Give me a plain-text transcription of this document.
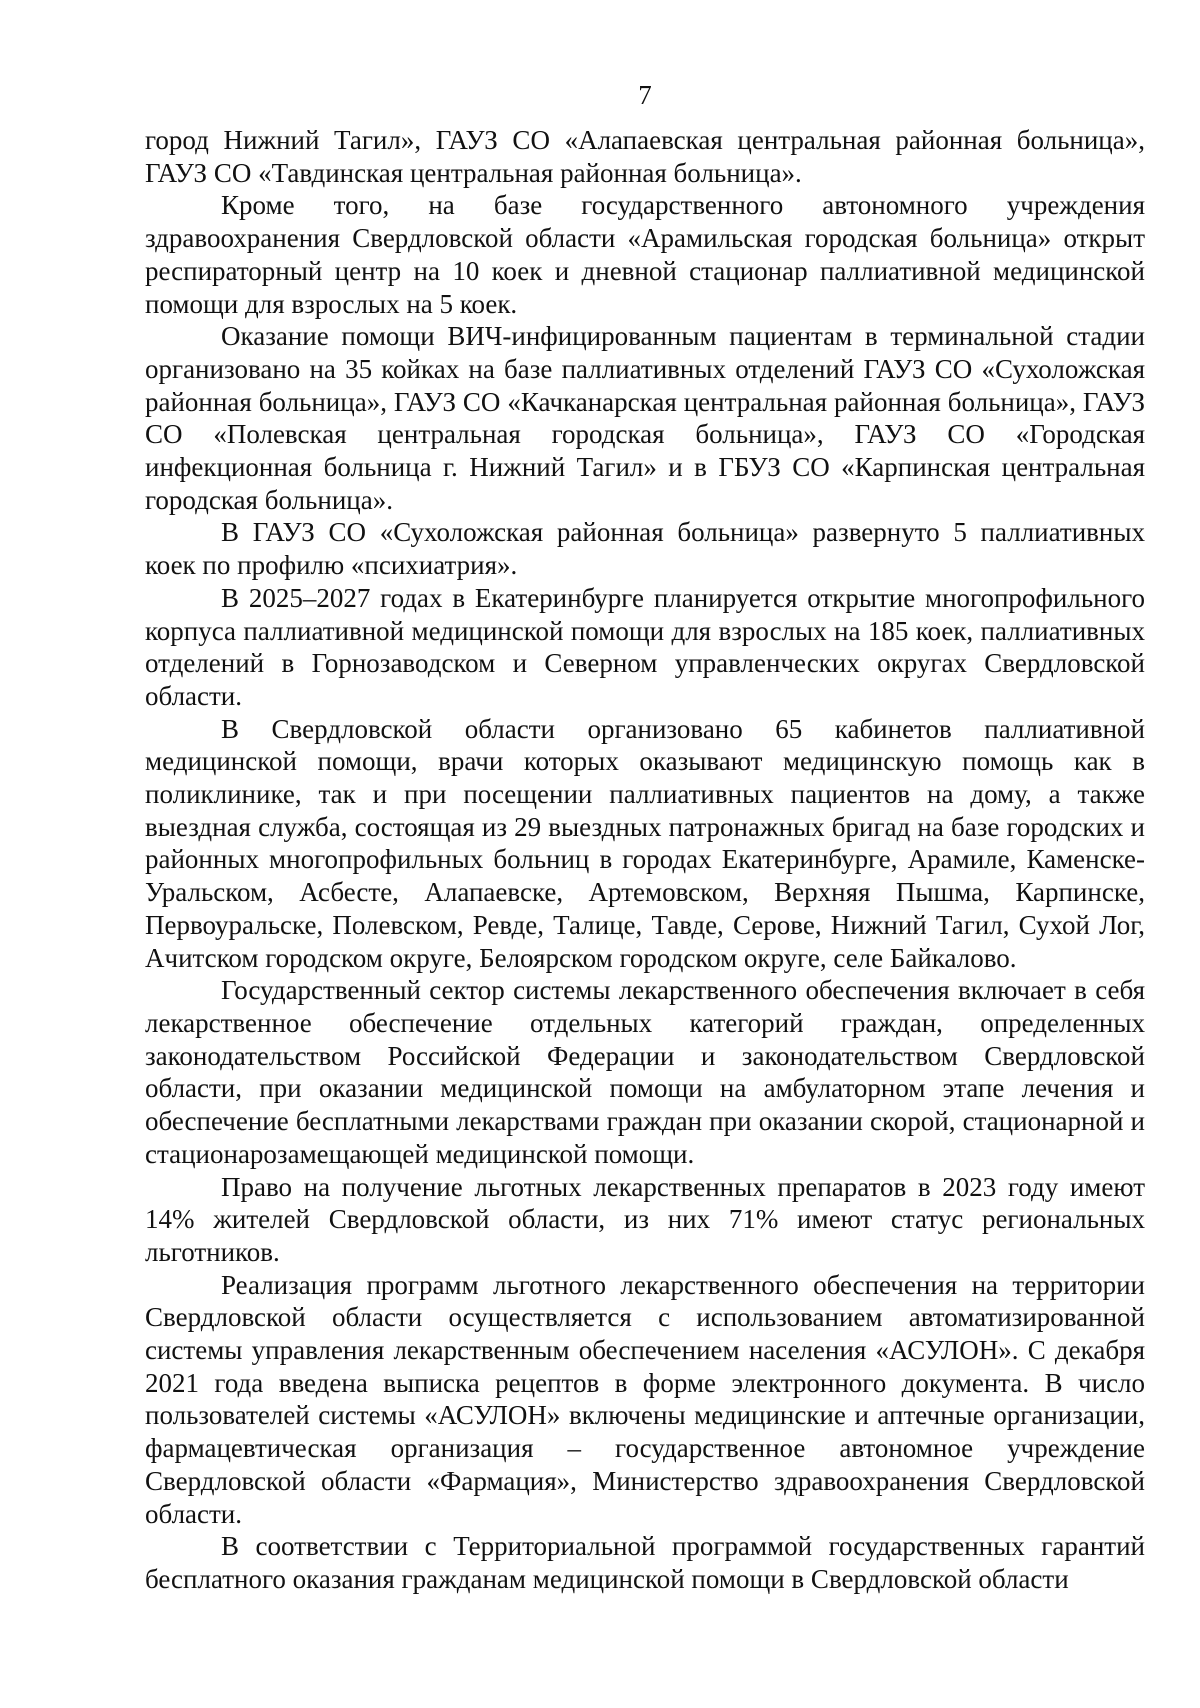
7

город Нижний Тагил», ГАУЗ СО «Алапаевская центральная районная больница», ГАУЗ СО «Тавдинская центральная районная больница».

Кроме того, на базе государственного автономного учреждения здравоохранения Свердловской области «Арамильская городская больница» открыт респираторный центр на 10 коек и дневной стационар паллиативной медицинской помощи для взрослых на 5 коек.

Оказание помощи ВИЧ-инфицированным пациентам в терминальной стадии организовано на 35 койках на базе паллиативных отделений ГАУЗ СО «Сухоложская районная больница», ГАУЗ СО «Качканарская центральная районная больница», ГАУЗ СО «Полевская центральная городская больница», ГАУЗ СО «Городская инфекционная больница г. Нижний Тагил» и в ГБУЗ СО «Карпинская центральная городская больница».

В ГАУЗ СО «Сухоложская районная больница» развернуто 5 паллиативных коек по профилю «психиатрия».

В 2025–2027 годах в Екатеринбурге планируется открытие многопрофильного корпуса паллиативной медицинской помощи для взрослых на 185 коек, паллиативных отделений в Горнозаводском и Северном управленческих округах Свердловской области.

В Свердловской области организовано 65 кабинетов паллиативной медицинской помощи, врачи которых оказывают медицинскую помощь как в поликлинике, так и при посещении паллиативных пациентов на дому, а также выездная служба, состоящая из 29 выездных патронажных бригад на базе городских и районных многопрофильных больниц в городах Екатеринбурге, Арамиле, Каменске-Уральском, Асбесте, Алапаевске, Артемовском, Верхняя Пышма, Карпинске, Первоуральске, Полевском, Ревде, Талице, Тавде, Серове, Нижний Тагил, Сухой Лог, Ачитском городском округе, Белоярском городском округе, селе Байкалово.

Государственный сектор системы лекарственного обеспечения включает в себя лекарственное обеспечение отдельных категорий граждан, определенных законодательством Российской Федерации и законодательством Свердловской области, при оказании медицинской помощи на амбулаторном этапе лечения и обеспечение бесплатными лекарствами граждан при оказании скорой, стационарной и стационарозамещающей медицинской помощи.

Право на получение льготных лекарственных препаратов в 2023 году имеют 14% жителей Свердловской области, из них 71% имеют статус региональных льготников.

Реализация программ льготного лекарственного обеспечения на территории Свердловской области осуществляется с использованием автоматизированной системы управления лекарственным обеспечением населения «АСУЛОН». С декабря 2021 года введена выписка рецептов в форме электронного документа. В число пользователей системы «АСУЛОН» включены медицинские и аптечные организации, фармацевтическая организация – государственное автономное учреждение Свердловской области «Фармация», Министерство здравоохранения Свердловской области.

В соответствии с Территориальной программой государственных гарантий бесплатного оказания гражданам медицинской помощи в Свердловской области
